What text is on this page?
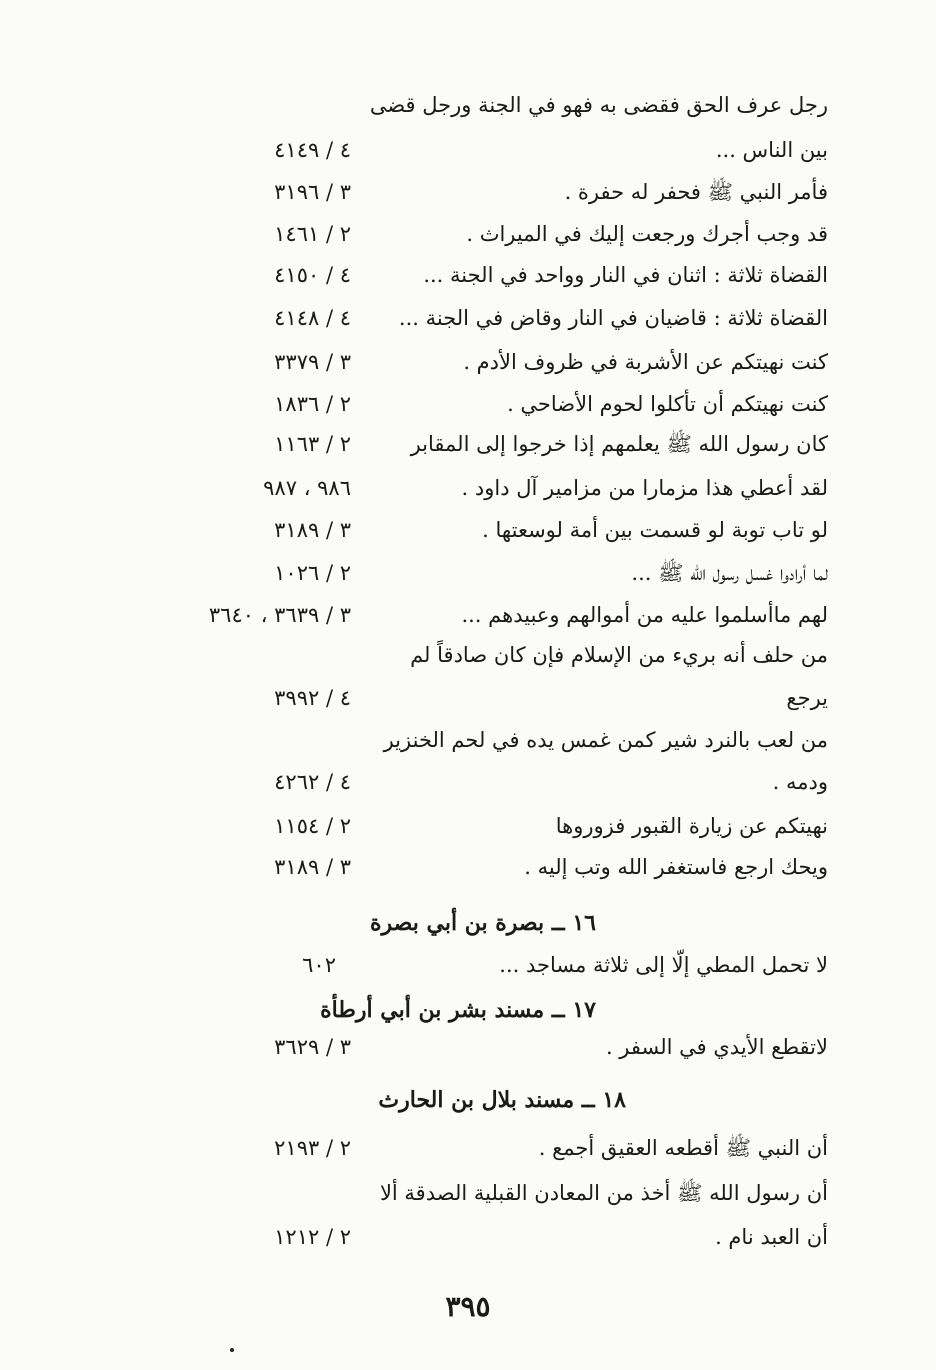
رجل عرف الحق فقضى به فهو في الجنة ورجل قضى
بين الناس ...
٤ / ٤١٤٩
فأمر النبي ﷺ فحفر له حفرة .
٣ / ٣١٩٦
قد وجب أجرك ورجعت إليك في الميراث .
٢ / ١٤٦١
القضاة ثلاثة : اثنان في النار وواحد في الجنة ...
٤ / ٤١٥٠
القضاة ثلاثة : قاضيان في النار وقاض في الجنة ...
٤ / ٤١٤٨
كنت نهيتكم عن الأشربة في ظروف الأدم .
٣ / ٣٣٧٩
كنت نهيتكم أن تأكلوا لحوم الأضاحي .
٢ / ١٨٣٦
كان رسول الله ﷺ يعلمهم إذا خرجوا إلى المقابر
٢ / ١١٦٣
لقد أعطي هذا مزمارا من مزامير آل داود .
٩٨٦ ، ٩٨٧
لو تاب توبة لو قسمت بين أمة لوسعتها .
٣ / ٣١٨٩
لما أرادوا غسل رسول الله ﷺ ...
٢ / ١٠٢٦
لهم ماأسلموا عليه من أموالهم وعبيدهم ...
٣ / ٣٦٣٩ ، ٣٦٤٠
من حلف أنه بريء من الإسلام فإن كان صادقاً لم
يرجع
٤ / ٣٩٩٢
من لعب بالنرد شير كمن غمس يده في لحم الخنزير
ودمه .
٤ / ٤٢٦٢
نهيتكم عن زيارة القبور فزوروها
٢ / ١١٥٤
ويحك ارجع فاستغفر الله وتب إليه .
٣ / ٣١٨٩
١٦ ــ بصرة بن أبي بصرة
لا تحمل المطي إلّا إلى ثلاثة مساجد ...
٦٠٢
١٧ ــ مسند بشر بن أبي أرطأة
لاتقطع الأيدي في السفر .
٣ / ٣٦٢٩
١٨ ــ مسند بلال بن الحارث
أن النبي ﷺ أقطعه العقيق أجمع .
٢ / ٢١٩٣
أن رسول الله ﷺ أخذ من المعادن القبلية الصدقة ألا
أن العبد نام .
٢ / ١٢١٢
٣٩٥
